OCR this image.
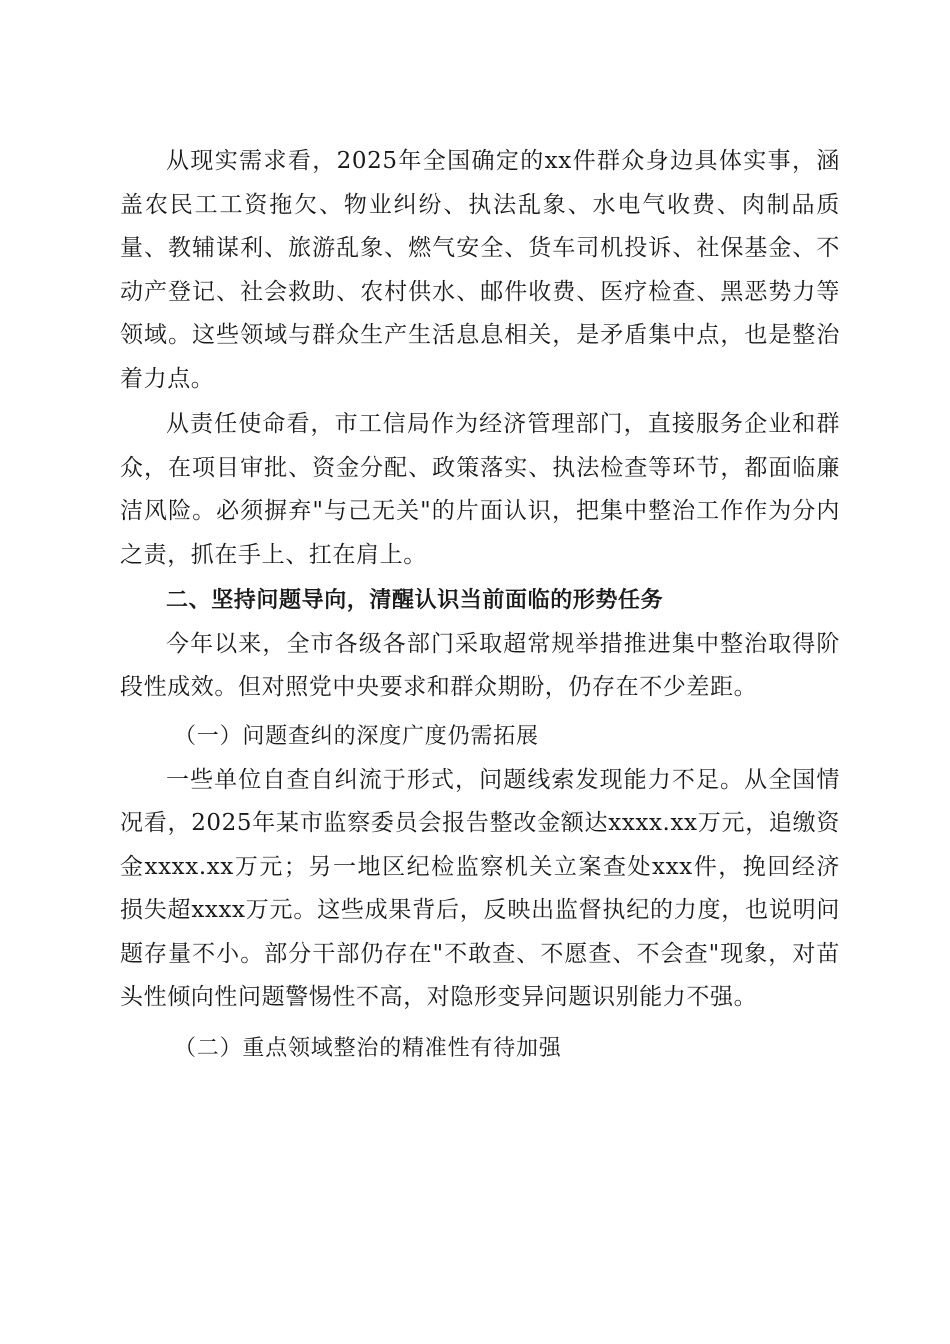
从现实需求看，2025年全国确定的xx件群众身边具体实事，涵盖农民工工资拖欠、物业纠纷、执法乱象、水电气收费、肉制品质量、教辅谋利、旅游乱象、燃气安全、货车司机投诉、社保基金、不动产登记、社会救助、农村供水、邮件收费、医疗检查、黑恶势力等领域。这些领域与群众生产生活息息相关，是矛盾集中点，也是整治着力点。

从责任使命看，市工信局作为经济管理部门，直接服务企业和群众，在项目审批、资金分配、政策落实、执法检查等环节，都面临廉洁风险。必须摒弃"与己无关"的片面认识，把集中整治工作作为分内之责，抓在手上、扛在肩上。

二、坚持问题导向，清醒认识当前面临的形势任务

今年以来，全市各级各部门采取超常规举措推进集中整治取得阶段性成效。但对照党中央要求和群众期盼，仍存在不少差距。

（一）问题查纠的深度广度仍需拓展

一些单位自查自纠流于形式，问题线索发现能力不足。从全国情况看，2025年某市监察委员会报告整改金额达xxxx.xx万元，追缴资金xxxx.xx万元；另一地区纪检监察机关立案查处xxx件，挽回经济损失超xxxx万元。这些成果背后，反映出监督执纪的力度，也说明问题存量不小。部分干部仍存在"不敢查、不愿查、不会查"现象，对苗头性倾向性问题警惕性不高，对隐形变异问题识别能力不强。

（二）重点领域整治的精准性有待加强
